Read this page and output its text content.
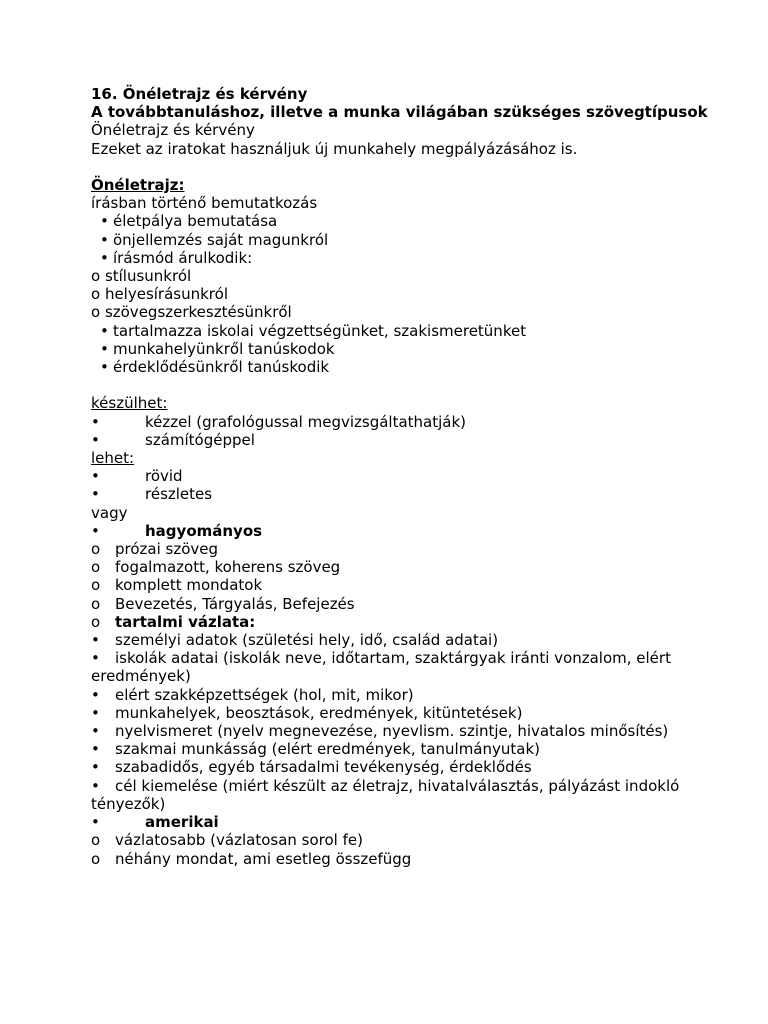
16. Önéletrajz és kérvény

A továbbtanuláshoz, illetve a munka világában szükséges szövegtípusok

Önéletrajz és kérvény

Ezeket az iratokat használjuk új munkahely megpályázásához is.

Önéletrajz:

írásban történő bemutatkozás

• életpálya bemutatása

• önjellemzés saját magunkról

• írásmód árulkodik:

o stílusunkról

o helyesírásunkról

o szövegszerkesztésünkről

• tartalmazza iskolai végzettségünket, szakismeretünket

• munkahelyünkről tanúskodok

• érdeklődésünkről tanúskodik

készülhet:

•	kézzel (grafológussal megvizsgáltathatják)

•	számítógéppel

lehet:

•	rövid

•	részletes

vagy

•	hagyományos

o prózai szöveg

o fogalmazott, koherens szöveg

o komplett mondatok

o Bevezetés, Tárgyalás, Befejezés

o tartalmi vázlata:

• személyi adatok (születési hely, idő, család adatai)

• iskolák adatai (iskolák neve, időtartam, szaktárgyak iránti vonzalom, elért eredmények)

• elért szakképzettségek (hol, mit, mikor)

• munkahelyek, beosztások, eredmények, kitüntetések)

• nyelvismeret (nyelv megnevezése, nyevlism. szintje, hivatalos minősítés)

• szakmai munkásság (elért eredmények, tanulmányutak)

• szabadidős, egyéb társadalmi tevékenység, érdeklődés

• cél kiemelése (miért készült az életrajz, hivatalválasztás, pályázást indokló tényezők)

•	amerikai

o vázlatosabb (vázlatosan sorol fe)

o néhány mondat, ami esetleg összefügg
